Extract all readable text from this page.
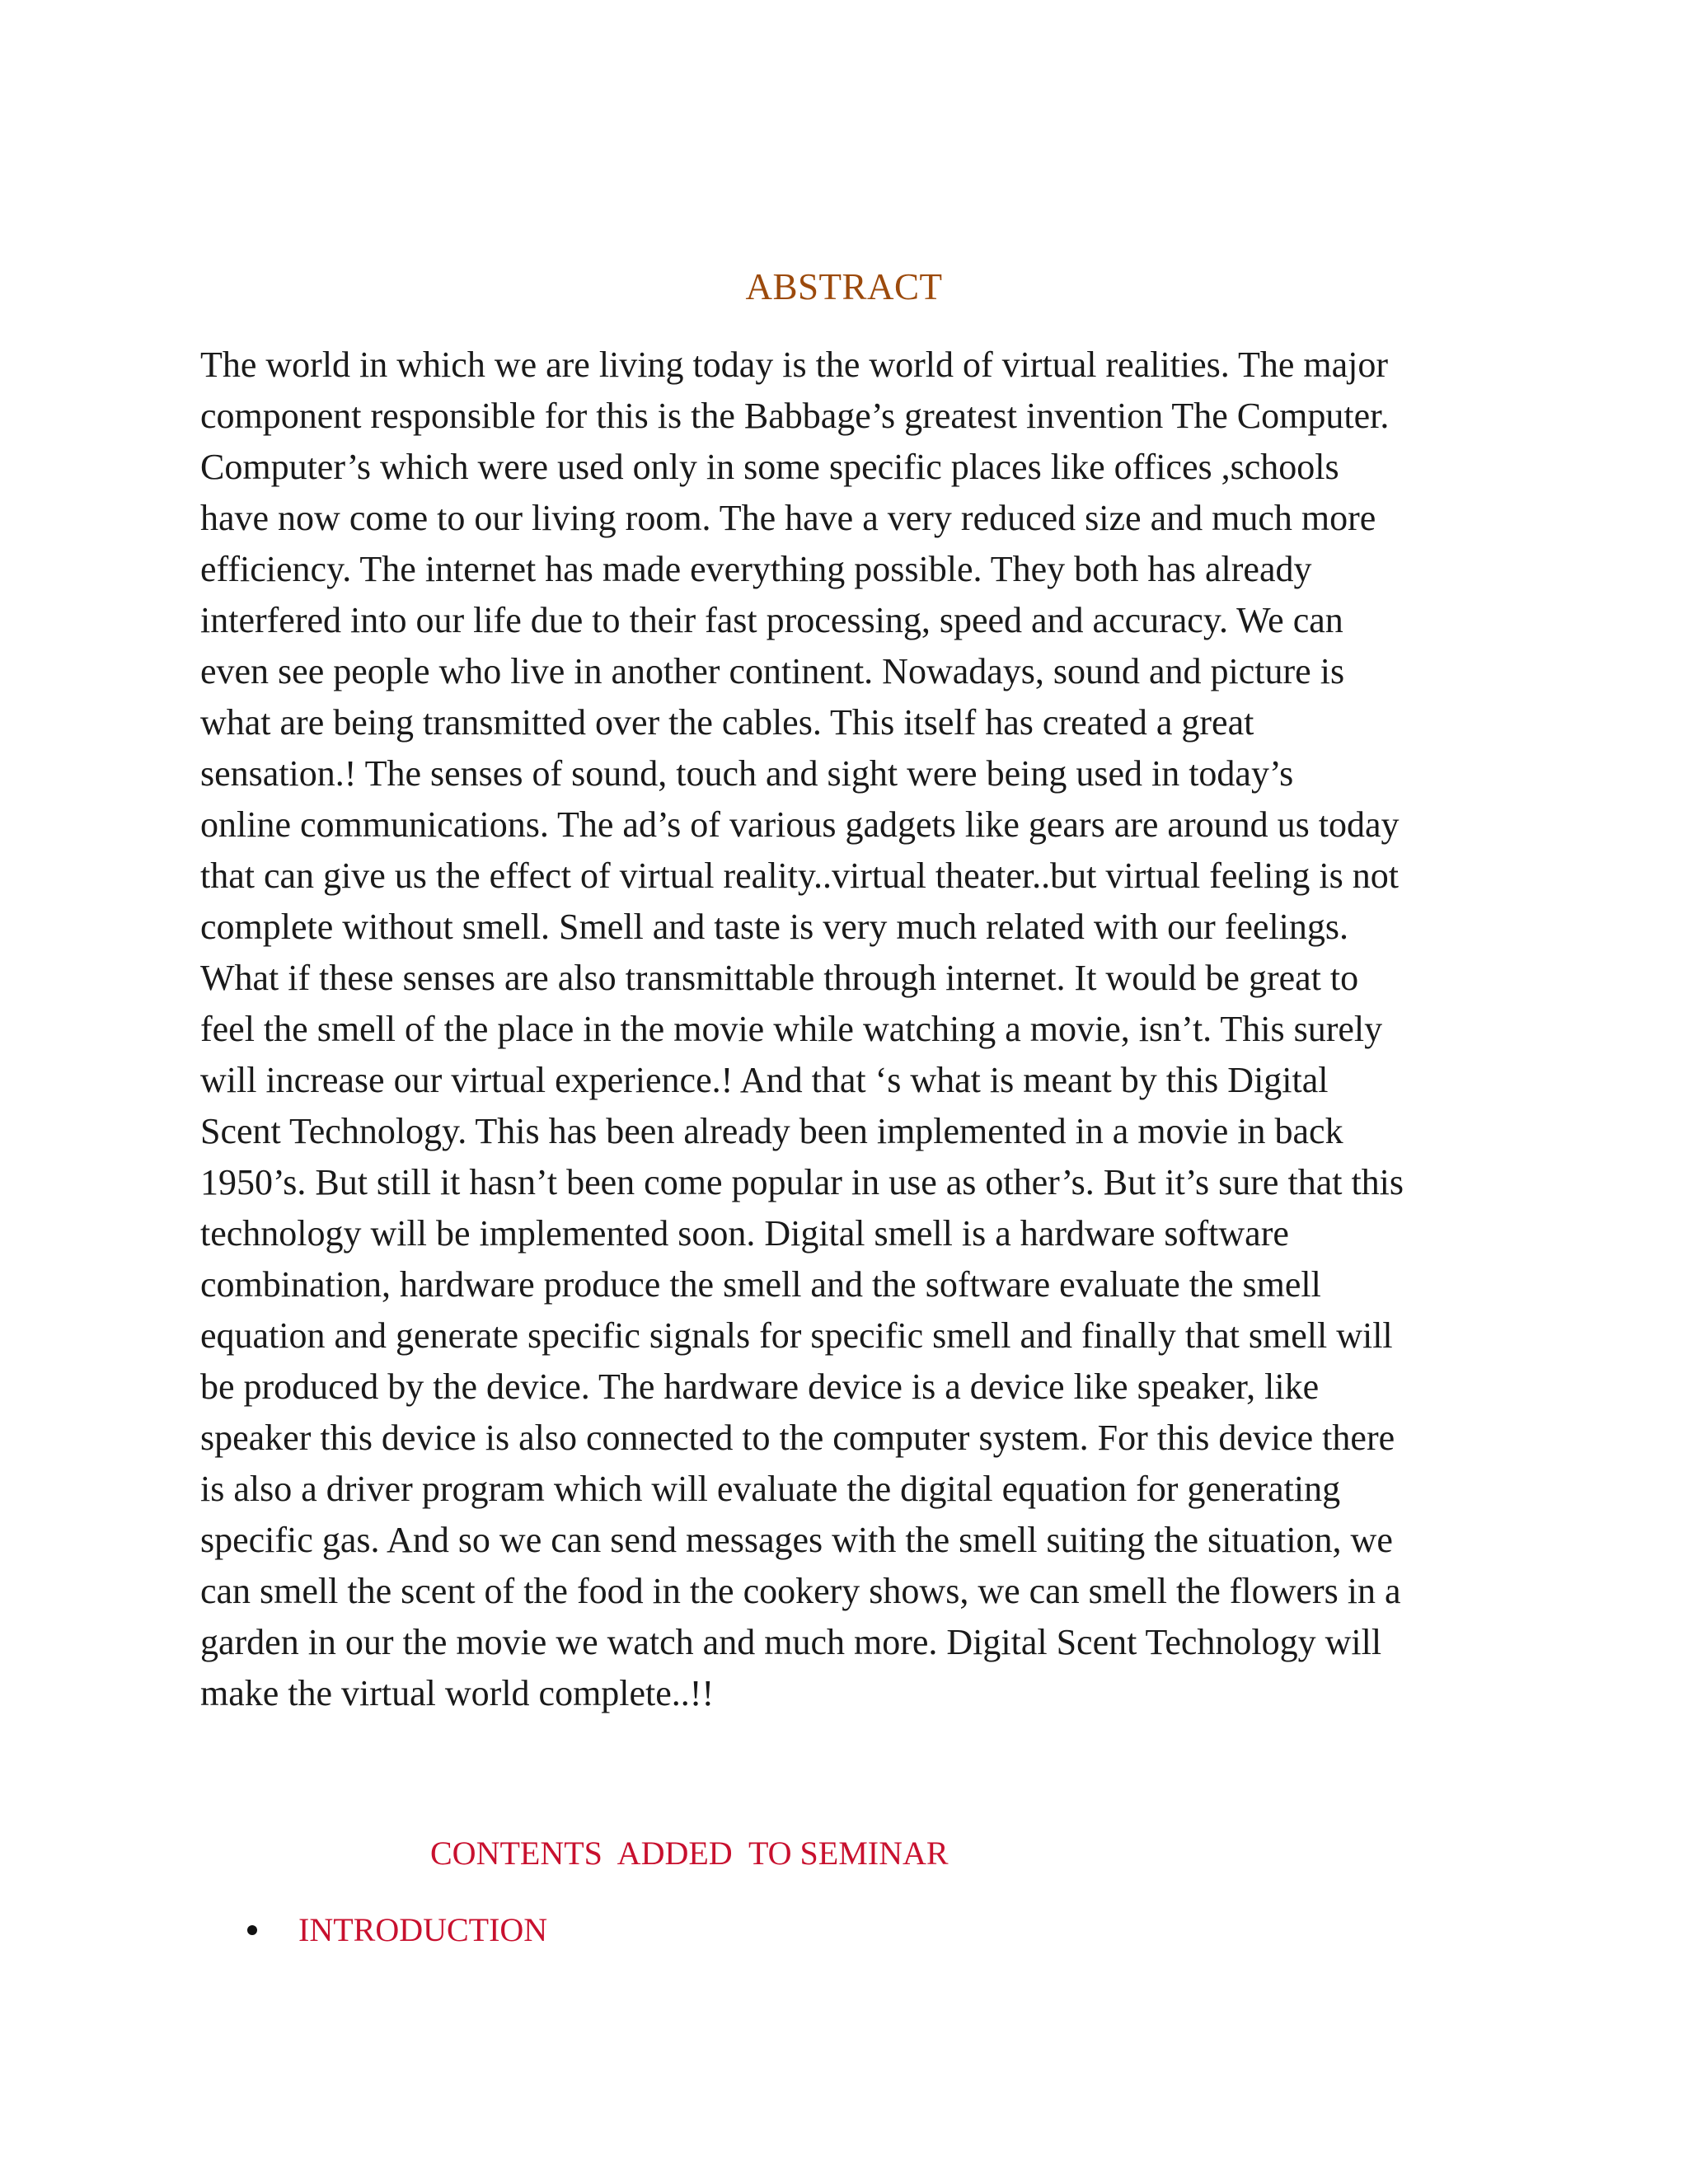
ABSTRACT

The world in which we are living today is the world of virtual realities. The major
component responsible for this is the Babbage’s greatest invention The Computer.
Computer’s which were used only in some specific places like offices ,schools
have now come to our living room. The have a very reduced size and much more
efficiency. The internet has made everything possible. They both has already
interfered into our life due to their fast processing, speed and accuracy. We can
even see people who live in another continent. Nowadays, sound and picture is
what are being transmitted over the cables. This itself has created a great
sensation.! The senses of sound, touch and sight were being used in today’s
online communications. The ad’s of various gadgets like gears are around us today
that can give us the effect of virtual reality..virtual theater..but virtual feeling is not
complete without smell. Smell and taste is very much related with our feelings.
What if these senses are also transmittable through internet. It would be great to
feel the smell of the place in the movie while watching a movie, isn’t. This surely
will increase our virtual experience.! And that ‘s what is meant by this Digital
Scent Technology. This has been already been implemented in a movie in back
1950’s. But still it hasn’t been come popular in use as other’s. But it’s sure that this
technology will be implemented soon. Digital smell is a hardware software
combination, hardware produce the smell and the software evaluate the smell
equation and generate specific signals for specific smell and finally that smell will
be produced by the device. The hardware device is a device like speaker, like
speaker this device is also connected to the computer system. For this device there
is also a driver program which will evaluate the digital equation for generating
specific gas. And so we can send messages with the smell suiting the situation, we
can smell the scent of the food in the cookery shows, we can smell the flowers in a
garden in our the movie we watch and much more. Digital Scent Technology will
make the virtual world complete..!!

CONTENTS  ADDED  TO SEMINAR
INTRODUCTION
